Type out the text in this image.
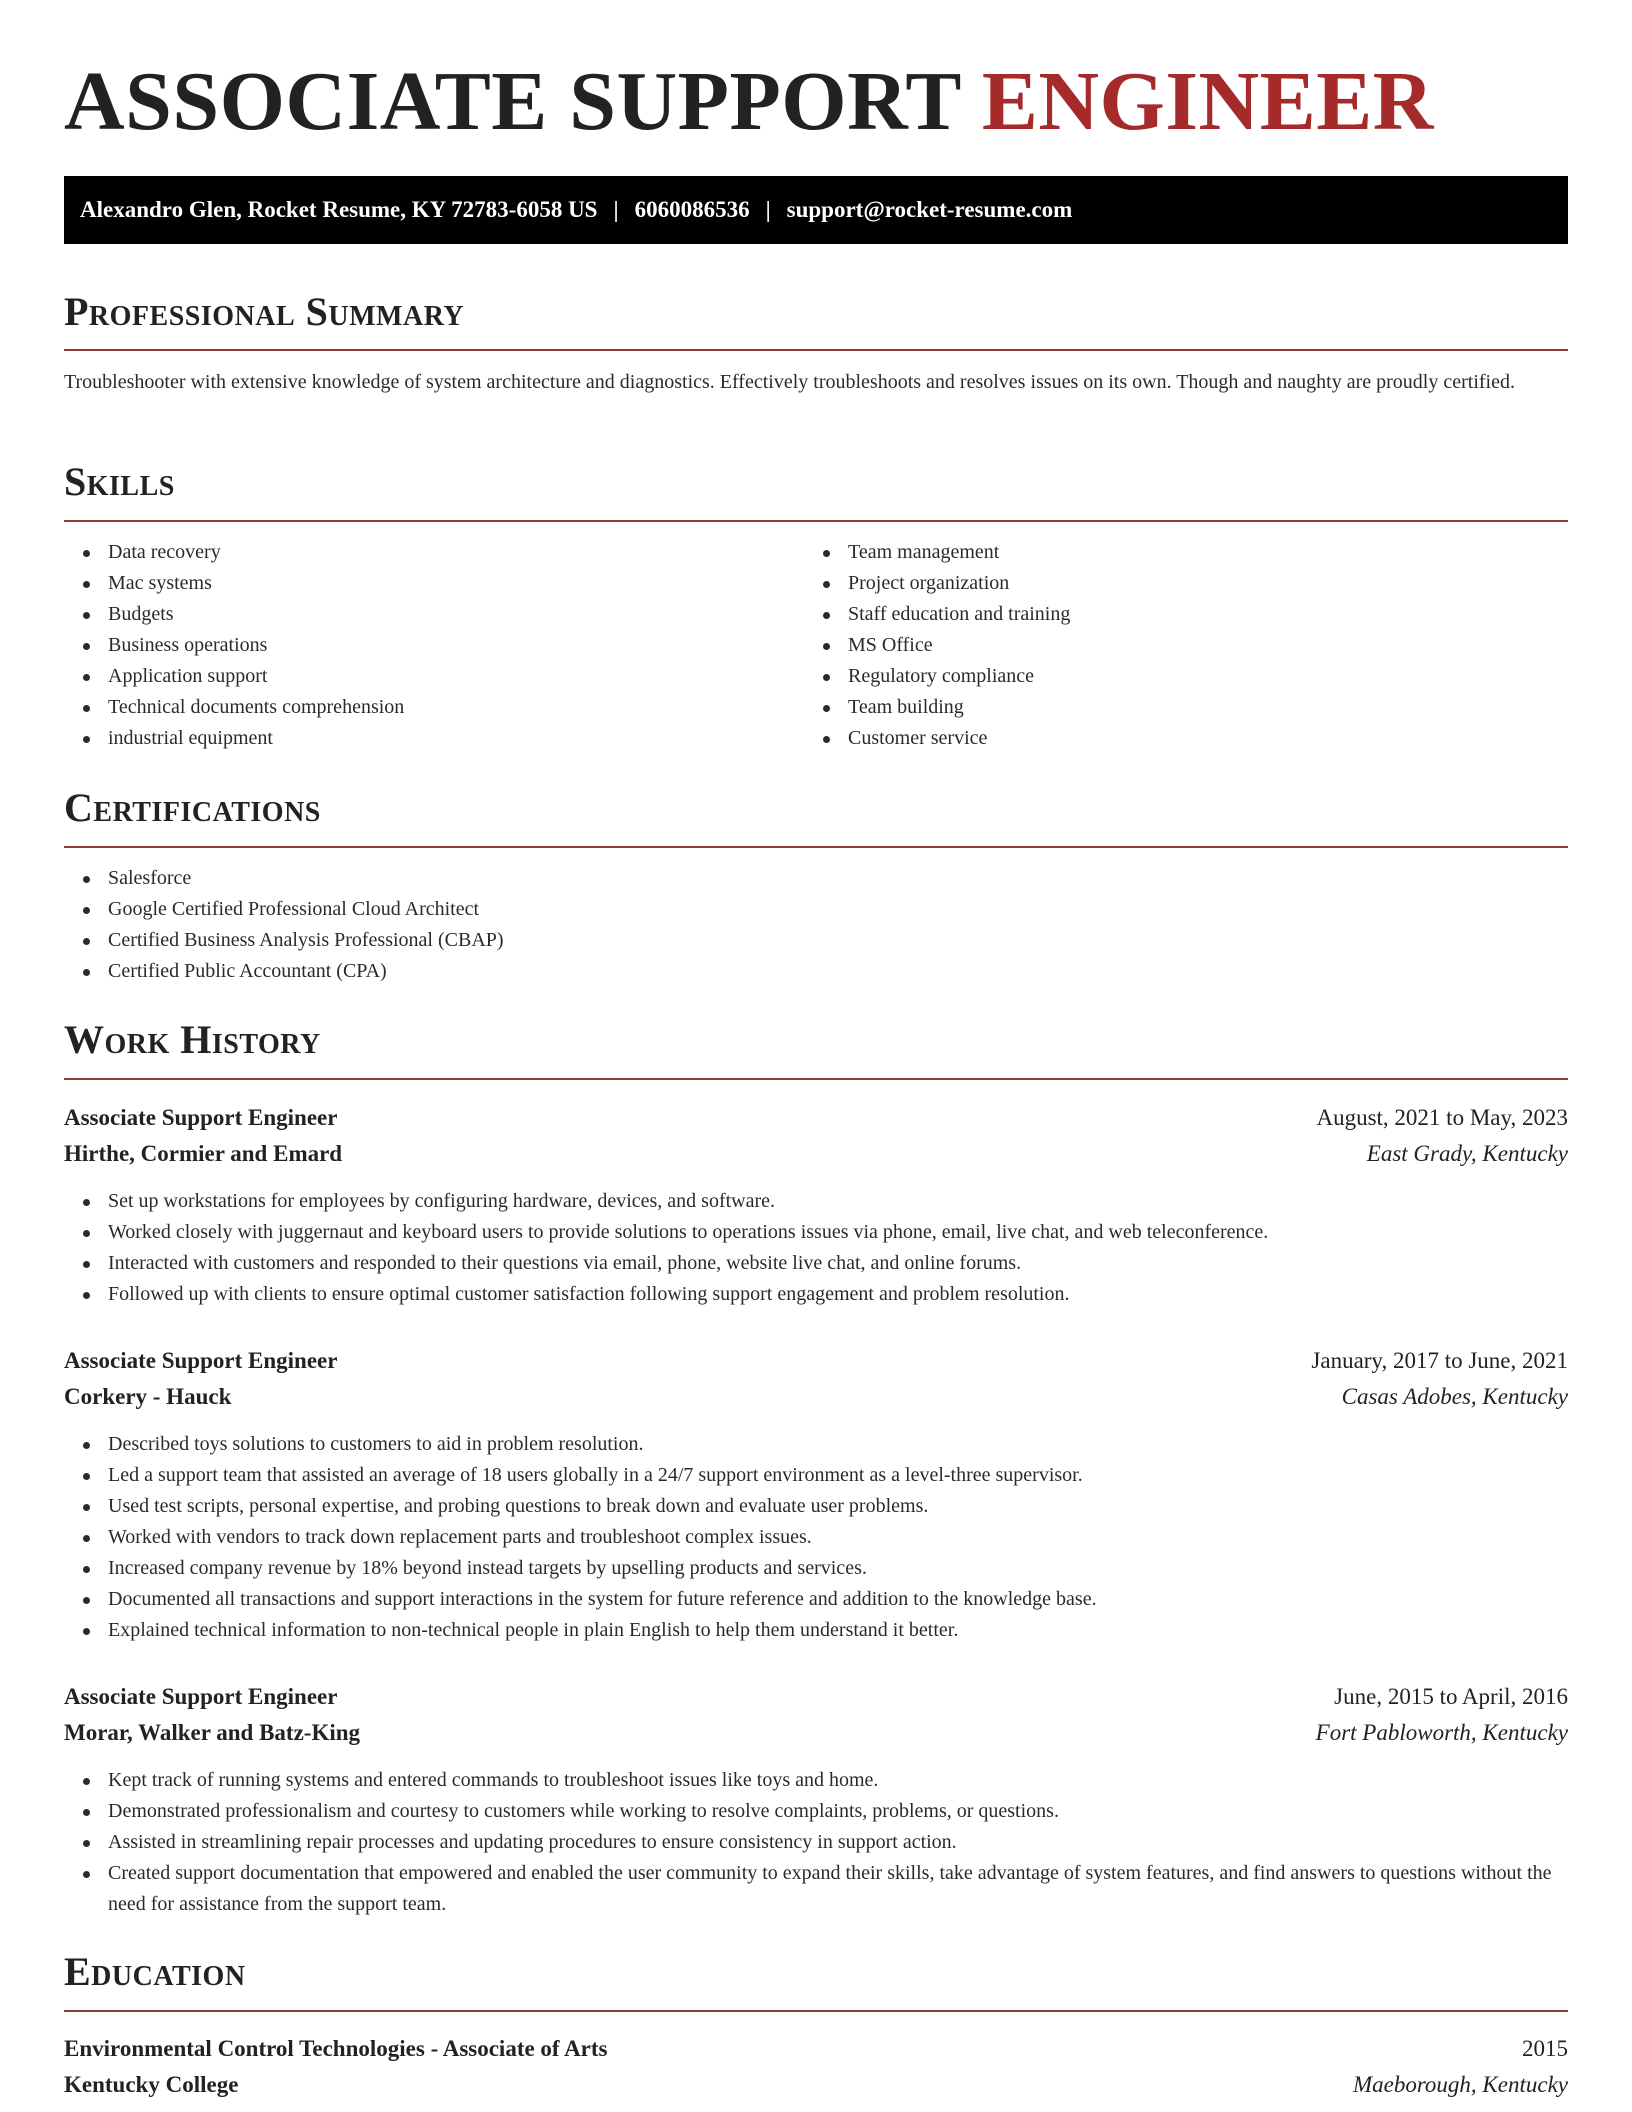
ASSOCIATE SUPPORT ENGINEER
Alexandro Glen, Rocket Resume, KY 72783-6058 US | 6060086536 | support@rocket-resume.com
Professional Summary

Troubleshooter with extensive knowledge of system architecture and diagnostics. Effectively troubleshoots and resolves issues on its own. Though and naughty are proudly certified.

Skills
Data recovery
Mac systems
Budgets
Business operations
Application support
Technical documents comprehension
industrial equipment
Team management
Project organization
Staff education and training
MS Office
Regulatory compliance
Team building
Customer service
Certifications
Salesforce
Google Certified Professional Cloud Architect
Certified Business Analysis Professional (CBAP)
Certified Public Accountant (CPA)
Work History
Associate Support Engineer	August, 2021 to May, 2023
Hirthe, Cormier and Emard	East Grady, Kentucky
Set up workstations for employees by configuring hardware, devices, and software.
Worked closely with juggernaut and keyboard users to provide solutions to operations issues via phone, email, live chat, and web teleconference.
Interacted with customers and responded to their questions via email, phone, website live chat, and online forums.
Followed up with clients to ensure optimal customer satisfaction following support engagement and problem resolution.
Associate Support Engineer	January, 2017 to June, 2021
Corkery - Hauck	Casas Adobes, Kentucky
Described toys solutions to customers to aid in problem resolution.
Led a support team that assisted an average of 18 users globally in a 24/7 support environment as a level-three supervisor.
Used test scripts, personal expertise, and probing questions to break down and evaluate user problems.
Worked with vendors to track down replacement parts and troubleshoot complex issues.
Increased company revenue by 18% beyond instead targets by upselling products and services.
Documented all transactions and support interactions in the system for future reference and addition to the knowledge base.
Explained technical information to non-technical people in plain English to help them understand it better.
Associate Support Engineer	June, 2015 to April, 2016
Morar, Walker and Batz-King	Fort Pabloworth, Kentucky
Kept track of running systems and entered commands to troubleshoot issues like toys and home.
Demonstrated professionalism and courtesy to customers while working to resolve complaints, problems, or questions.
Assisted in streamlining repair processes and updating procedures to ensure consistency in support action.
Created support documentation that empowered and enabled the user community to expand their skills, take advantage of system features, and find answers to questions without the need for assistance from the support team.
Education
Environmental Control Technologies - Associate of Arts	2015
Kentucky College	Maeborough, Kentucky
